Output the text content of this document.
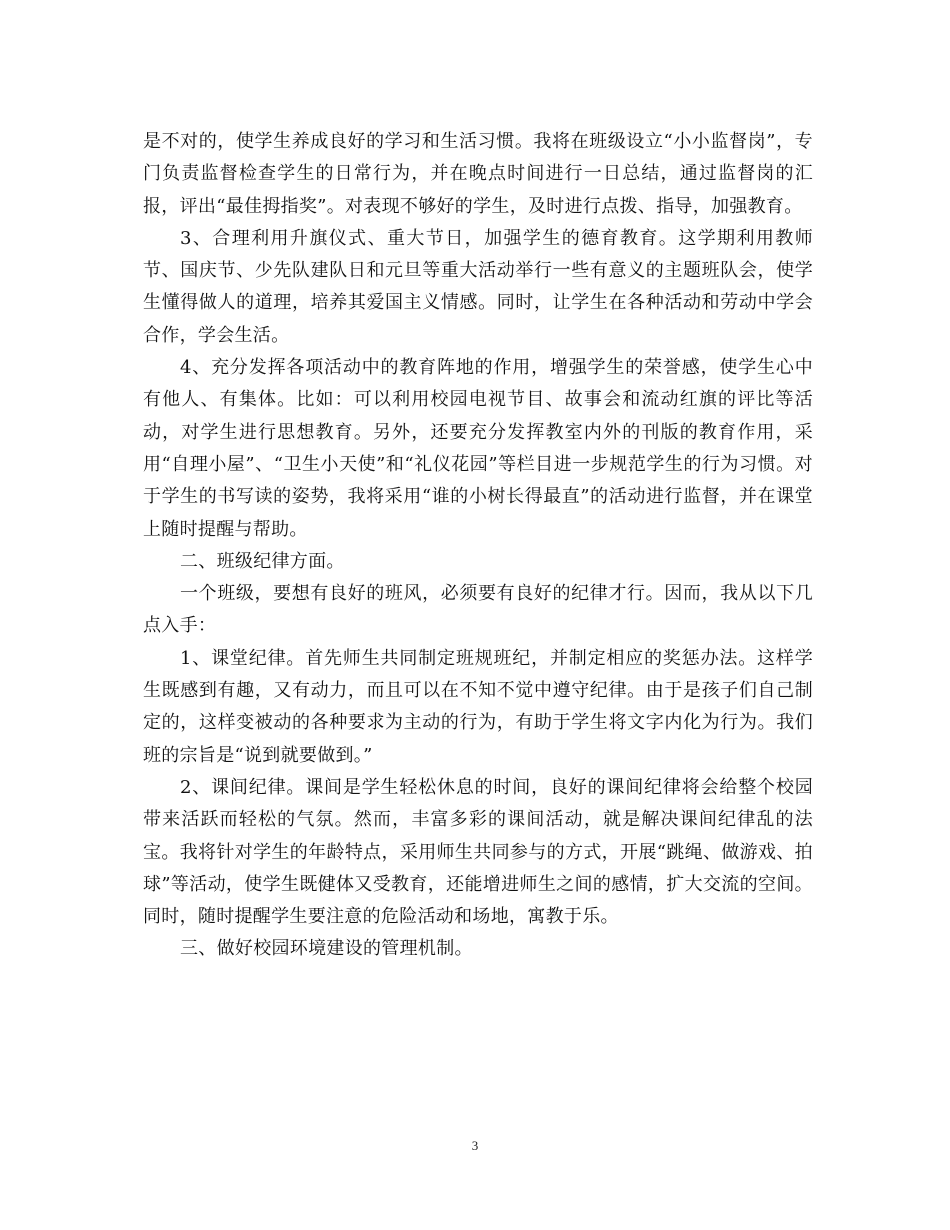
是不对的，使学生养成良好的学习和生活习惯。我将在班级设立“小小监督岗”，专门负责监督检查学生的日常行为，并在晚点时间进行一日总结，通过监督岗的汇报，评出“最佳拇指奖”。对表现不够好的学生，及时进行点拨、指导，加强教育。

3、合理利用升旗仪式、重大节日，加强学生的德育教育。这学期利用教师节、国庆节、少先队建队日和元旦等重大活动举行一些有意义的主题班队会，使学生懂得做人的道理，培养其爱国主义情感。同时，让学生在各种活动和劳动中学会合作，学会生活。

4、充分发挥各项活动中的教育阵地的作用，增强学生的荣誉感，使学生心中有他人、有集体。比如：可以利用校园电视节目、故事会和流动红旗的评比等活动，对学生进行思想教育。另外，还要充分发挥教室内外的刊版的教育作用，采用“自理小屋”、“卫生小天使”和“礼仪花园”等栏目进一步规范学生的行为习惯。对于学生的书写读的姿势，我将采用“谁的小树长得最直”的活动进行监督，并在课堂上随时提醒与帮助。

二、班级纪律方面。

一个班级，要想有良好的班风，必须要有良好的纪律才行。因而，我从以下几点入手：

1、课堂纪律。首先师生共同制定班规班纪，并制定相应的奖惩办法。这样学生既感到有趣，又有动力，而且可以在不知不觉中遵守纪律。由于是孩子们自己制定的，这样变被动的各种要求为主动的行为，有助于学生将文字内化为行为。我们班的宗旨是“说到就要做到。”

2、课间纪律。课间是学生轻松休息的时间，良好的课间纪律将会给整个校园带来活跃而轻松的气氛。然而，丰富多彩的课间活动，就是解决课间纪律乱的法宝。我将针对学生的年龄特点，采用师生共同参与的方式，开展“跳绳、做游戏、拍球”等活动，使学生既健体又受教育，还能增进师生之间的感情，扩大交流的空间。同时，随时提醒学生要注意的危险活动和场地，寓教于乐。

三、做好校园环境建设的管理机制。

3
